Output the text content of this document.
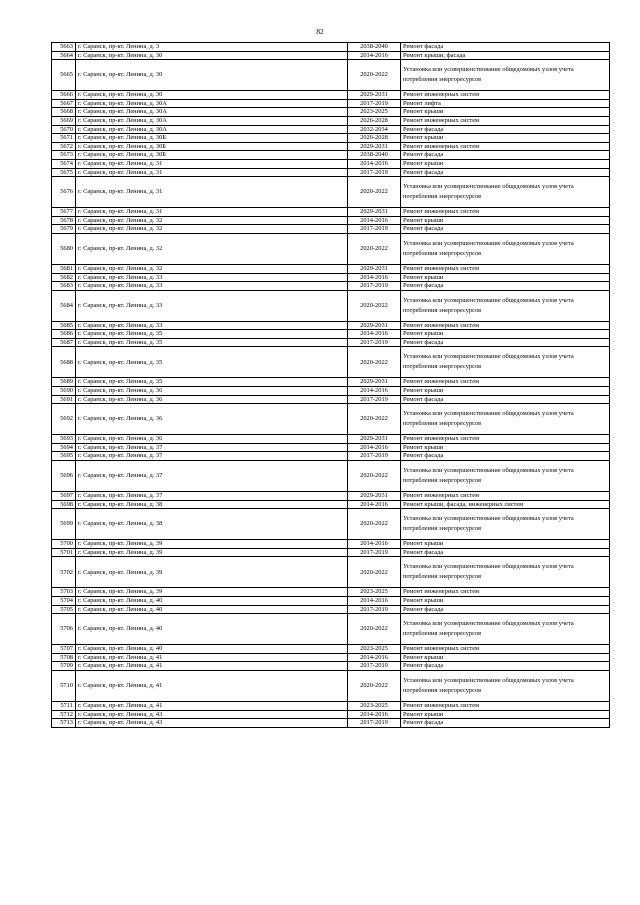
82
5663	г. Саранск, пр-кт. Ленина, д. 3	2038-2040	Ремонт фасада
5664	г. Саранск, пр-кт. Ленина, д. 30	2014-2016	Ремонт крыши, фасада
5665	г. Саранск, пр-кт. Ленина, д. 30	2020-2022	Установка или усовершенствование общедомовых узлов учета потребления энергоресурсов
5666	г. Саранск, пр-кт. Ленина, д. 30	2029-2031	Ремонт инженерных систем
5667	г. Саранск, пр-кт. Ленина, д. 30А	2017-2019	Ремонт лифта
5668	г. Саранск, пр-кт. Ленина, д. 30А	2023-2025	Ремонт крыши
5669	г. Саранск, пр-кт. Ленина, д. 30А	2026-2028	Ремонт инженерных систем
5670	г. Саранск, пр-кт. Ленина, д. 30А	2032-2034	Ремонт фасада
5671	г. Саранск, пр-кт. Ленина, д. 30Б	2026-2028	Ремонт крыши
5672	г. Саранск, пр-кт. Ленина, д. 30Б	2029-2031	Ремонт инженерных систем
5673	г. Саранск, пр-кт. Ленина, д. 30Б	2038-2040	Ремонт фасада
5674	г. Саранск, пр-кт. Ленина, д. 31	2014-2016	Ремонт крыши
5675	г. Саранск, пр-кт. Ленина, д. 31	2017-2019	Ремонт фасада
5676	г. Саранск, пр-кт. Ленина, д. 31	2020-2022	Установка или усовершенствование общедомовых узлов учета потребления энергоресурсов
5677	г. Саранск, пр-кт. Ленина, д. 31	2029-2031	Ремонт инженерных систем
5678	г. Саранск, пр-кт. Ленина, д. 32	2014-2016	Ремонт крыши
5679	г. Саранск, пр-кт. Ленина, д. 32	2017-2019	Ремонт фасада
5680	г. Саранск, пр-кт. Ленина, д. 32	2020-2022	Установка или усовершенствование общедомовых узлов учета потребления энергоресурсов
5681	г. Саранск, пр-кт. Ленина, д. 32	2029-2031	Ремонт инженерных систем
5682	г. Саранск, пр-кт. Ленина, д. 33	2014-2016	Ремонт крыши
5683	г. Саранск, пр-кт. Ленина, д. 33	2017-2019	Ремонт фасада
5684	г. Саранск, пр-кт. Ленина, д. 33	2020-2022	Установка или усовершенствование общедомовых узлов учета потребления энергоресурсов
5685	г. Саранск, пр-кт. Ленина, д. 33	2029-2031	Ремонт инженерных систем
5686	г. Саранск, пр-кт. Ленина, д. 35	2014-2016	Ремонт крыши
5687	г. Саранск, пр-кт. Ленина, д. 35	2017-2019	Ремонт фасада
5688	г. Саранск, пр-кт. Ленина, д. 35	2020-2022	Установка или усовершенствование общедомовых узлов учета потребления энергоресурсов
5689	г. Саранск, пр-кт. Ленина, д. 35	2029-2031	Ремонт инженерных систем
5690	г. Саранск, пр-кт. Ленина, д. 36	2014-2016	Ремонт крыши
5691	г. Саранск, пр-кт. Ленина, д. 36	2017-2019	Ремонт фасада
5692	г. Саранск, пр-кт. Ленина, д. 36	2020-2022	Установка или усовершенствование общедомовых узлов учета потребления энергоресурсов
5693	г. Саранск, пр-кт. Ленина, д. 36	2029-2031	Ремонт инженерных систем
5694	г. Саранск, пр-кт. Ленина, д. 37	2014-2016	Ремонт крыши
5695	г. Саранск, пр-кт. Ленина, д. 37	2017-2019	Ремонт фасада
5696	г. Саранск, пр-кт. Ленина, д. 37	2020-2022	Установка или усовершенствование общедомовых узлов учета потребления энергоресурсов
5697	г. Саранск, пр-кт. Ленина, д. 37	2029-2031	Ремонт инженерных систем
5698	г. Саранск, пр-кт. Ленина, д. 38	2014-2016	Ремонт крыши, фасада, инженерных систем
5699	г. Саранск, пр-кт. Ленина, д. 38	2020-2022	Установка или усовершенствование общедомовых узлов учета потребления энергоресурсов
5700	г. Саранск, пр-кт. Ленина, д. 39	2014-2016	Ремонт крыши
5701	г. Саранск, пр-кт. Ленина, д. 39	2017-2019	Ремонт фасада
5702	г. Саранск, пр-кт. Ленина, д. 39	2020-2022	Установка или усовершенствование общедомовых узлов учета потребления энергоресурсов
5703	г. Саранск, пр-кт. Ленина, д. 39	2023-2025	Ремонт инженерных систем
5704	г. Саранск, пр-кт. Ленина, д. 40	2014-2016	Ремонт крыши
5705	г. Саранск, пр-кт. Ленина, д. 40	2017-2019	Ремонт фасада
5706	г. Саранск, пр-кт. Ленина, д. 40	2020-2022	Установка или усовершенствование общедомовых узлов учета потребления энергоресурсов
5707	г. Саранск, пр-кт. Ленина, д. 40	2023-2025	Ремонт инженерных систем
5708	г. Саранск, пр-кт. Ленина, д. 41	2014-2016	Ремонт крыши
5709	г. Саранск, пр-кт. Ленина, д. 41	2017-2019	Ремонт фасада
5710	г. Саранск, пр-кт. Ленина, д. 41	2020-2022	Установка или усовершенствование общедомовых узлов учета потребления энергоресурсов
5711	г. Саранск, пр-кт. Ленина, д. 41	2023-2025	Ремонт инженерных систем
5712	г. Саранск, пр-кт. Ленина, д. 43	2014-2016	Ремонт крыши
5713	г. Саранск, пр-кт. Ленина, д. 43	2017-2019	Ремонт фасада
